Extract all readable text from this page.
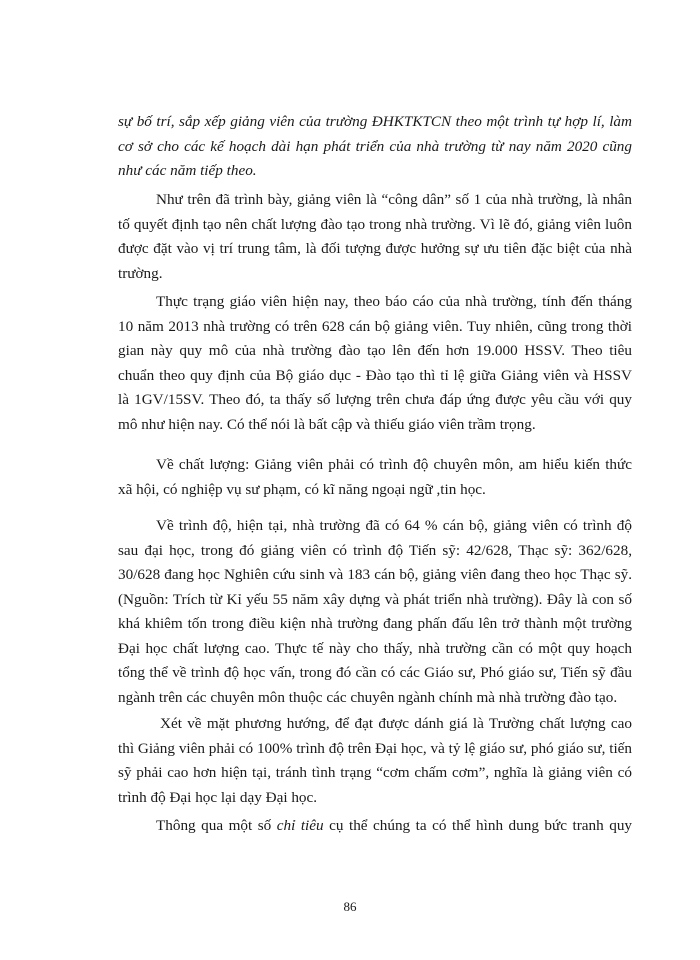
sự bố trí, sắp xếp giảng viên của trường ĐHKTKTCN theo một trình tự hợp lí, làm
cơ sở cho các kế hoạch dài hạn phát triển của nhà trường từ nay năm 2020 cũng
như các năm tiếp theo.

Như trên đã trình bày, giảng viên là “công dân” số 1 của nhà trường, là nhân
tố quyết định tạo nên chất lượng đào tạo trong nhà trường. Vì lẽ đó, giảng viên luôn
được đặt vào vị trí trung tâm, là đối tượng được hưởng sự ưu tiên đặc biệt của nhà
trường.

Thực trạng giáo viên hiện nay, theo báo cáo của nhà trường, tính đến tháng
10 năm 2013 nhà trường có trên 628 cán bộ giảng viên. Tuy nhiên, cũng trong thời
gian này quy mô của nhà trường đào tạo lên đến hơn 19.000 HSSV. Theo tiêu
chuẩn theo quy định của Bộ giáo dục - Đào tạo thì tỉ lệ giữa Giảng viên và HSSV
là 1GV/15SV. Theo đó, ta thấy số lượng trên chưa đáp ứng được yêu cầu với quy
mô như hiện nay. Có thể nói là bất cập và thiếu giáo viên trầm trọng.

Về chất lượng: Giảng viên phải có trình độ chuyên môn, am hiểu kiến thức
xã hội, có nghiệp vụ sư phạm, có kĩ năng ngoại ngữ ,tin học.

Về trình độ, hiện tại, nhà trường đã có 64 % cán bộ, giảng viên có trình độ
sau đại học, trong đó giảng viên có trình độ Tiến sỹ: 42/628, Thạc sỹ: 362/628,
30/628 đang học Nghiên cứu sinh và 183 cán bộ, giảng viên đang theo học Thạc sỹ.
(Nguồn: Trích từ Kỉ yếu 55 năm xây dựng và phát triển nhà trường). Đây là con số
khá khiêm tốn trong điều kiện nhà trường đang phấn đấu lên trở thành một trường
Đại học chất lượng cao. Thực tế này cho thấy, nhà trường cần có một quy hoạch
tổng thể về trình độ học vấn, trong đó cần có các Giáo sư, Phó giáo sư, Tiến sỹ đầu
ngành trên các chuyên môn thuộc các chuyên ngành chính mà nhà trường đào tạo.

Xét về mặt phương hướng, để đạt được dánh giá là Trường chất lượng cao
thì Giảng viên phải có 100% trình độ trên Đại học, và tỷ lệ giáo sư, phó giáo sư, tiến
sỹ phải cao hơn hiện tại, tránh tình trạng “cơm chấm cơm”, nghĩa là giảng viên có
trình độ Đại học lại dạy Đại học.

Thông qua một số chỉ tiêu cụ thể chúng ta có thể hình dung bức tranh quy

86
